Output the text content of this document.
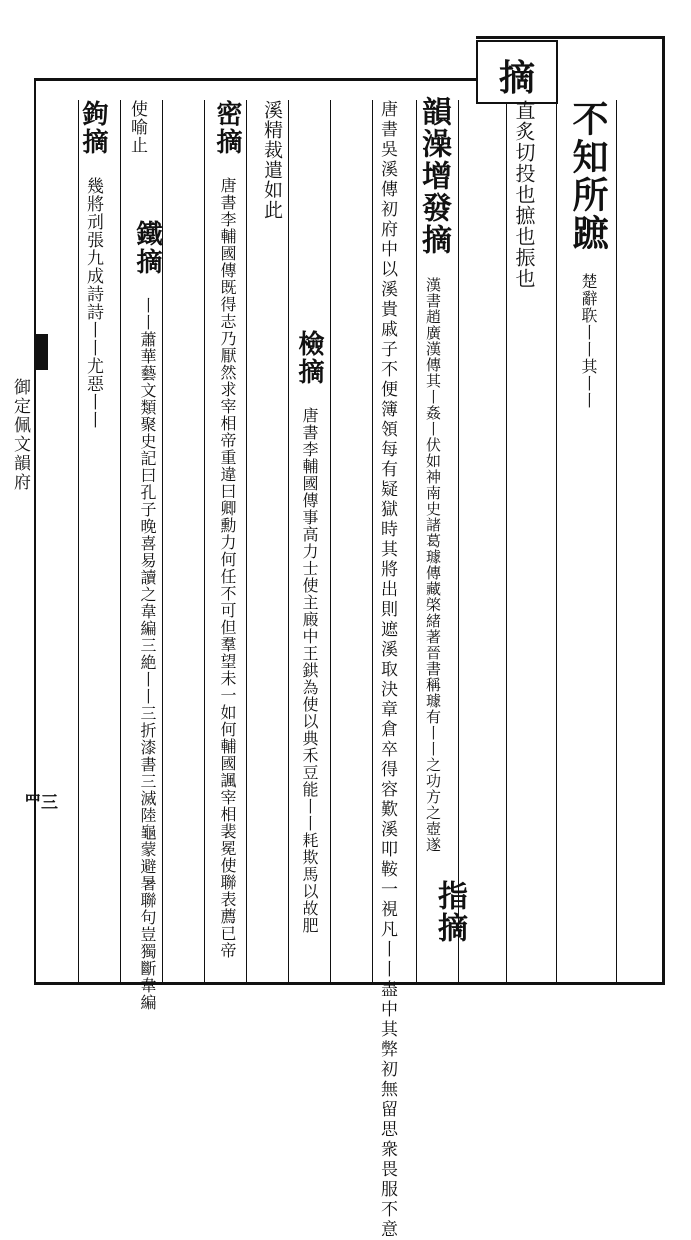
摘
不知所蹠 楚辭聅丨丨其丨丨
直炙切投也摭也振也
韻澡增發摘 漢書趙廣漢傳其丨姦丨伏如神南史諸葛璩傳藏棨緒著晉書稱璩有丨丨之功方之壺遂
唐書吳溪傳初府中以溪貴戚子不便簿領每有疑獄時其將出則遮溪取決章倉卒得容歎溪叩鞍一視凡丨丨盡中其弊初無留思衆畏服不意
檢摘 唐書李輔國傳事高力士使主廄中王鉷為使以典禾豆能丨丨耗欺馬以故肥
溪精裁遣如此
密摘 唐書李輔國傳既得志乃厭然求宰相帝重違曰卿勳力何任不可但羣望未一如何輔國諷宰相裴冕使聯表薦已帝
鐵摘 丨丨蕭華藝文類聚史記曰孔子晚喜易讀之韋編三絶丨丨三折漆書三滅陸龜蒙避暑聯句豈獨斷韋編
使喻止
鉤摘 幾將刓張九成詩詩丨丨尤惡丨丨
指摘
御定佩文韻府
罒三
